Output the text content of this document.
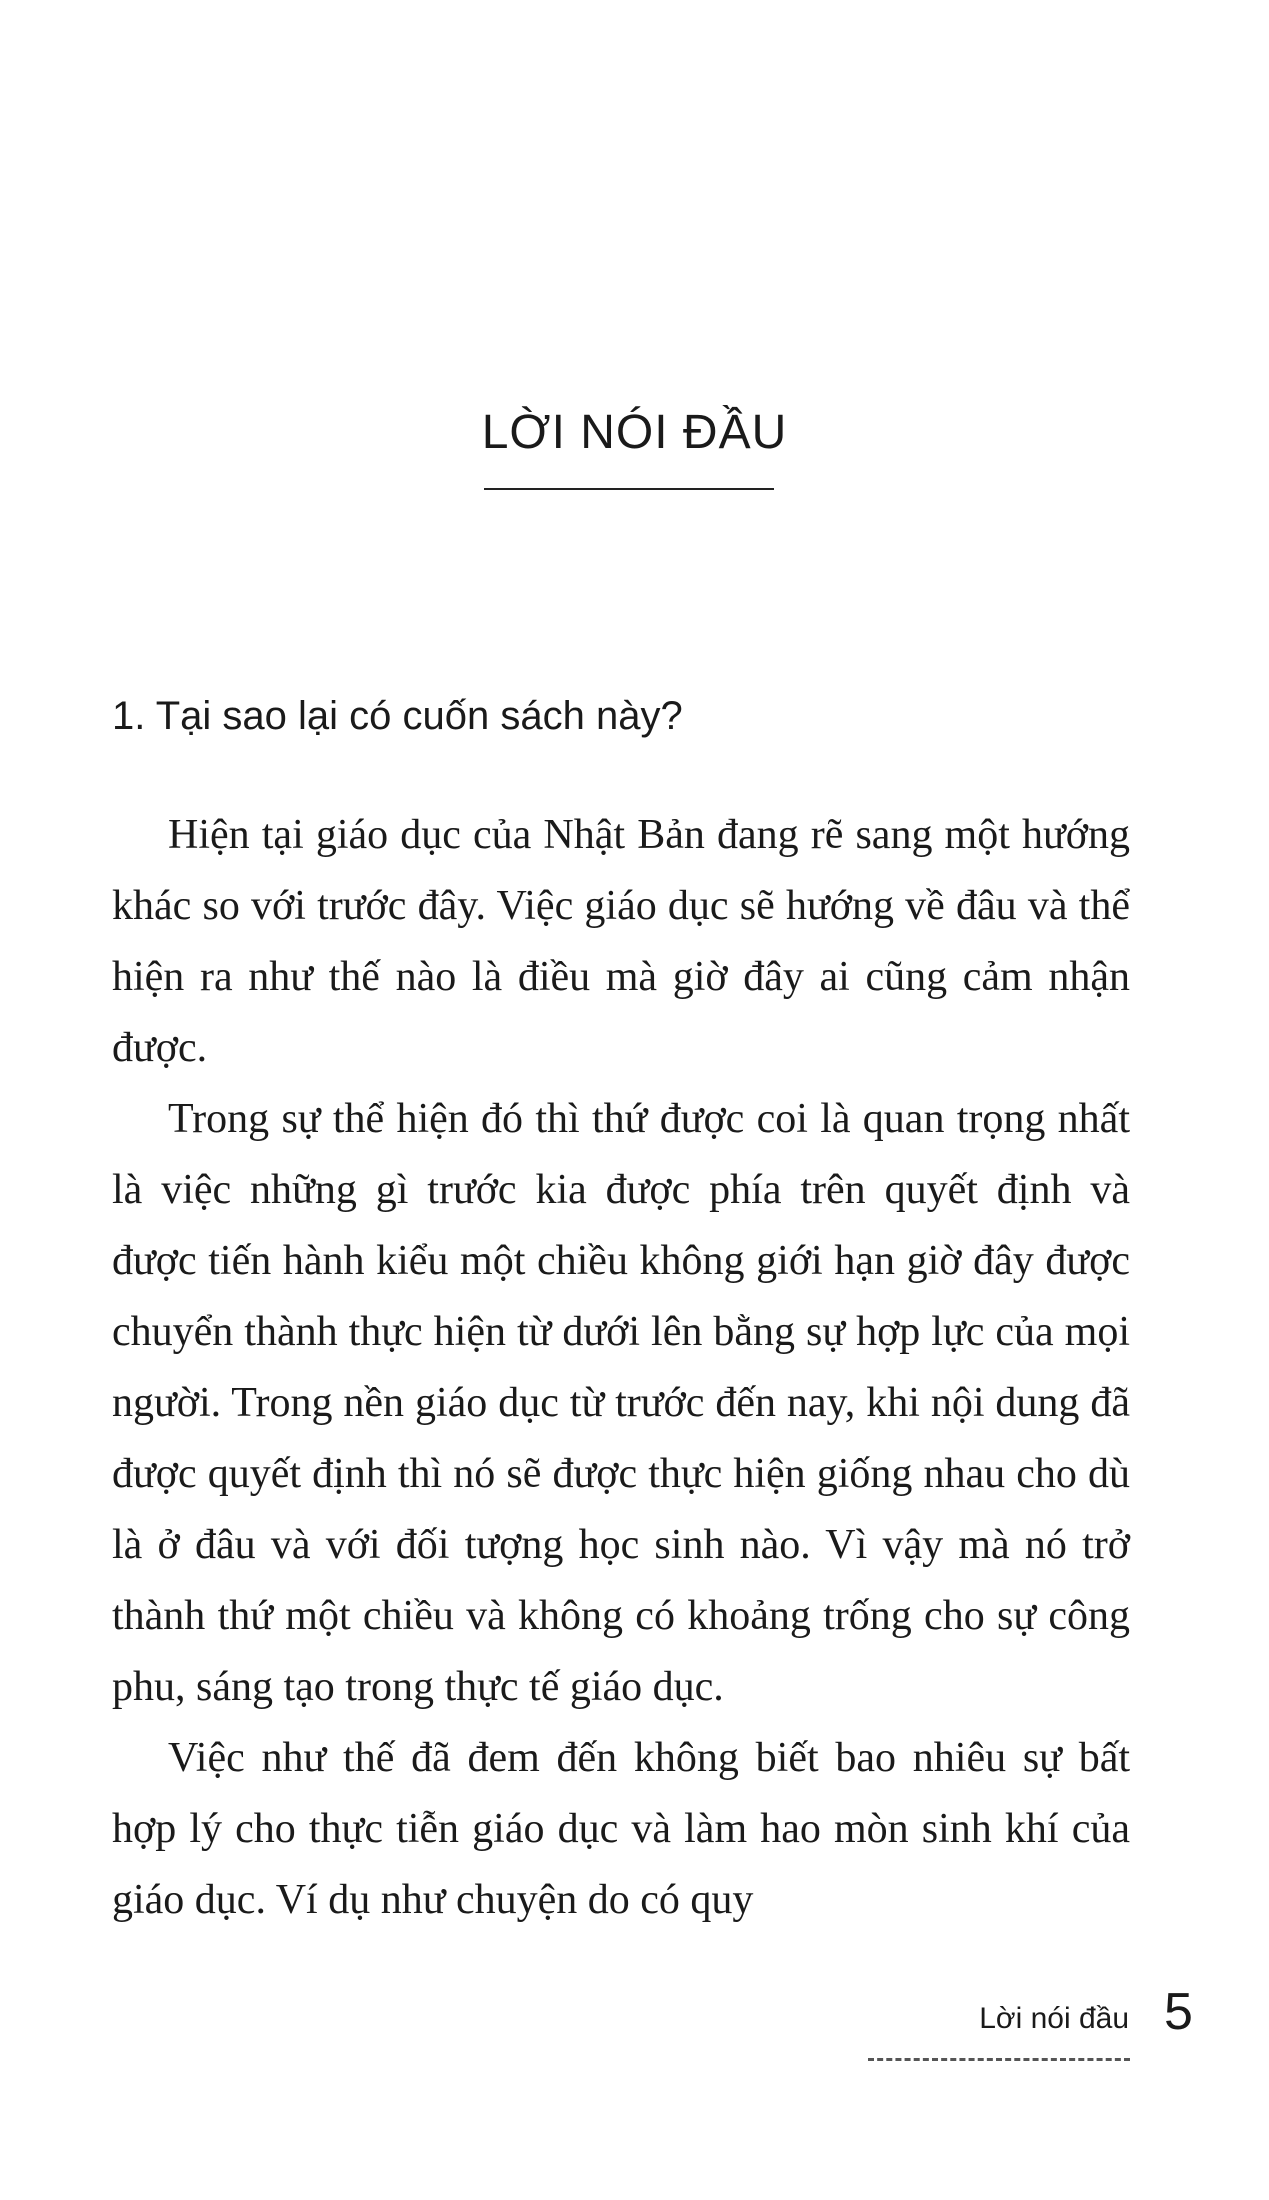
LỜI NÓI ĐẦU
1. Tại sao lại có cuốn sách này?

Hiện tại giáo dục của Nhật Bản đang rẽ sang một hướng khác so với trước đây. Việc giáo dục sẽ hướng về đâu và thể hiện ra như thế nào là điều mà giờ đây ai cũng cảm nhận được.

Trong sự thể hiện đó thì thứ được coi là quan trọng nhất là việc những gì trước kia được phía trên quyết định và được tiến hành kiểu một chiều không giới hạn giờ đây được chuyển thành thực hiện từ dưới lên bằng sự hợp lực của mọi người. Trong nền giáo dục từ trước đến nay, khi nội dung đã được quyết định thì nó sẽ được thực hiện giống nhau cho dù là ở đâu và với đối tượng học sinh nào. Vì vậy mà nó trở thành thứ một chiều và không có khoảng trống cho sự công phu, sáng tạo trong thực tế giáo dục.

Việc như thế đã đem đến không biết bao nhiêu sự bất hợp lý cho thực tiễn giáo dục và làm hao mòn sinh khí của giáo dục. Ví dụ như chuyện do có quy

Lời nói đầu 5
